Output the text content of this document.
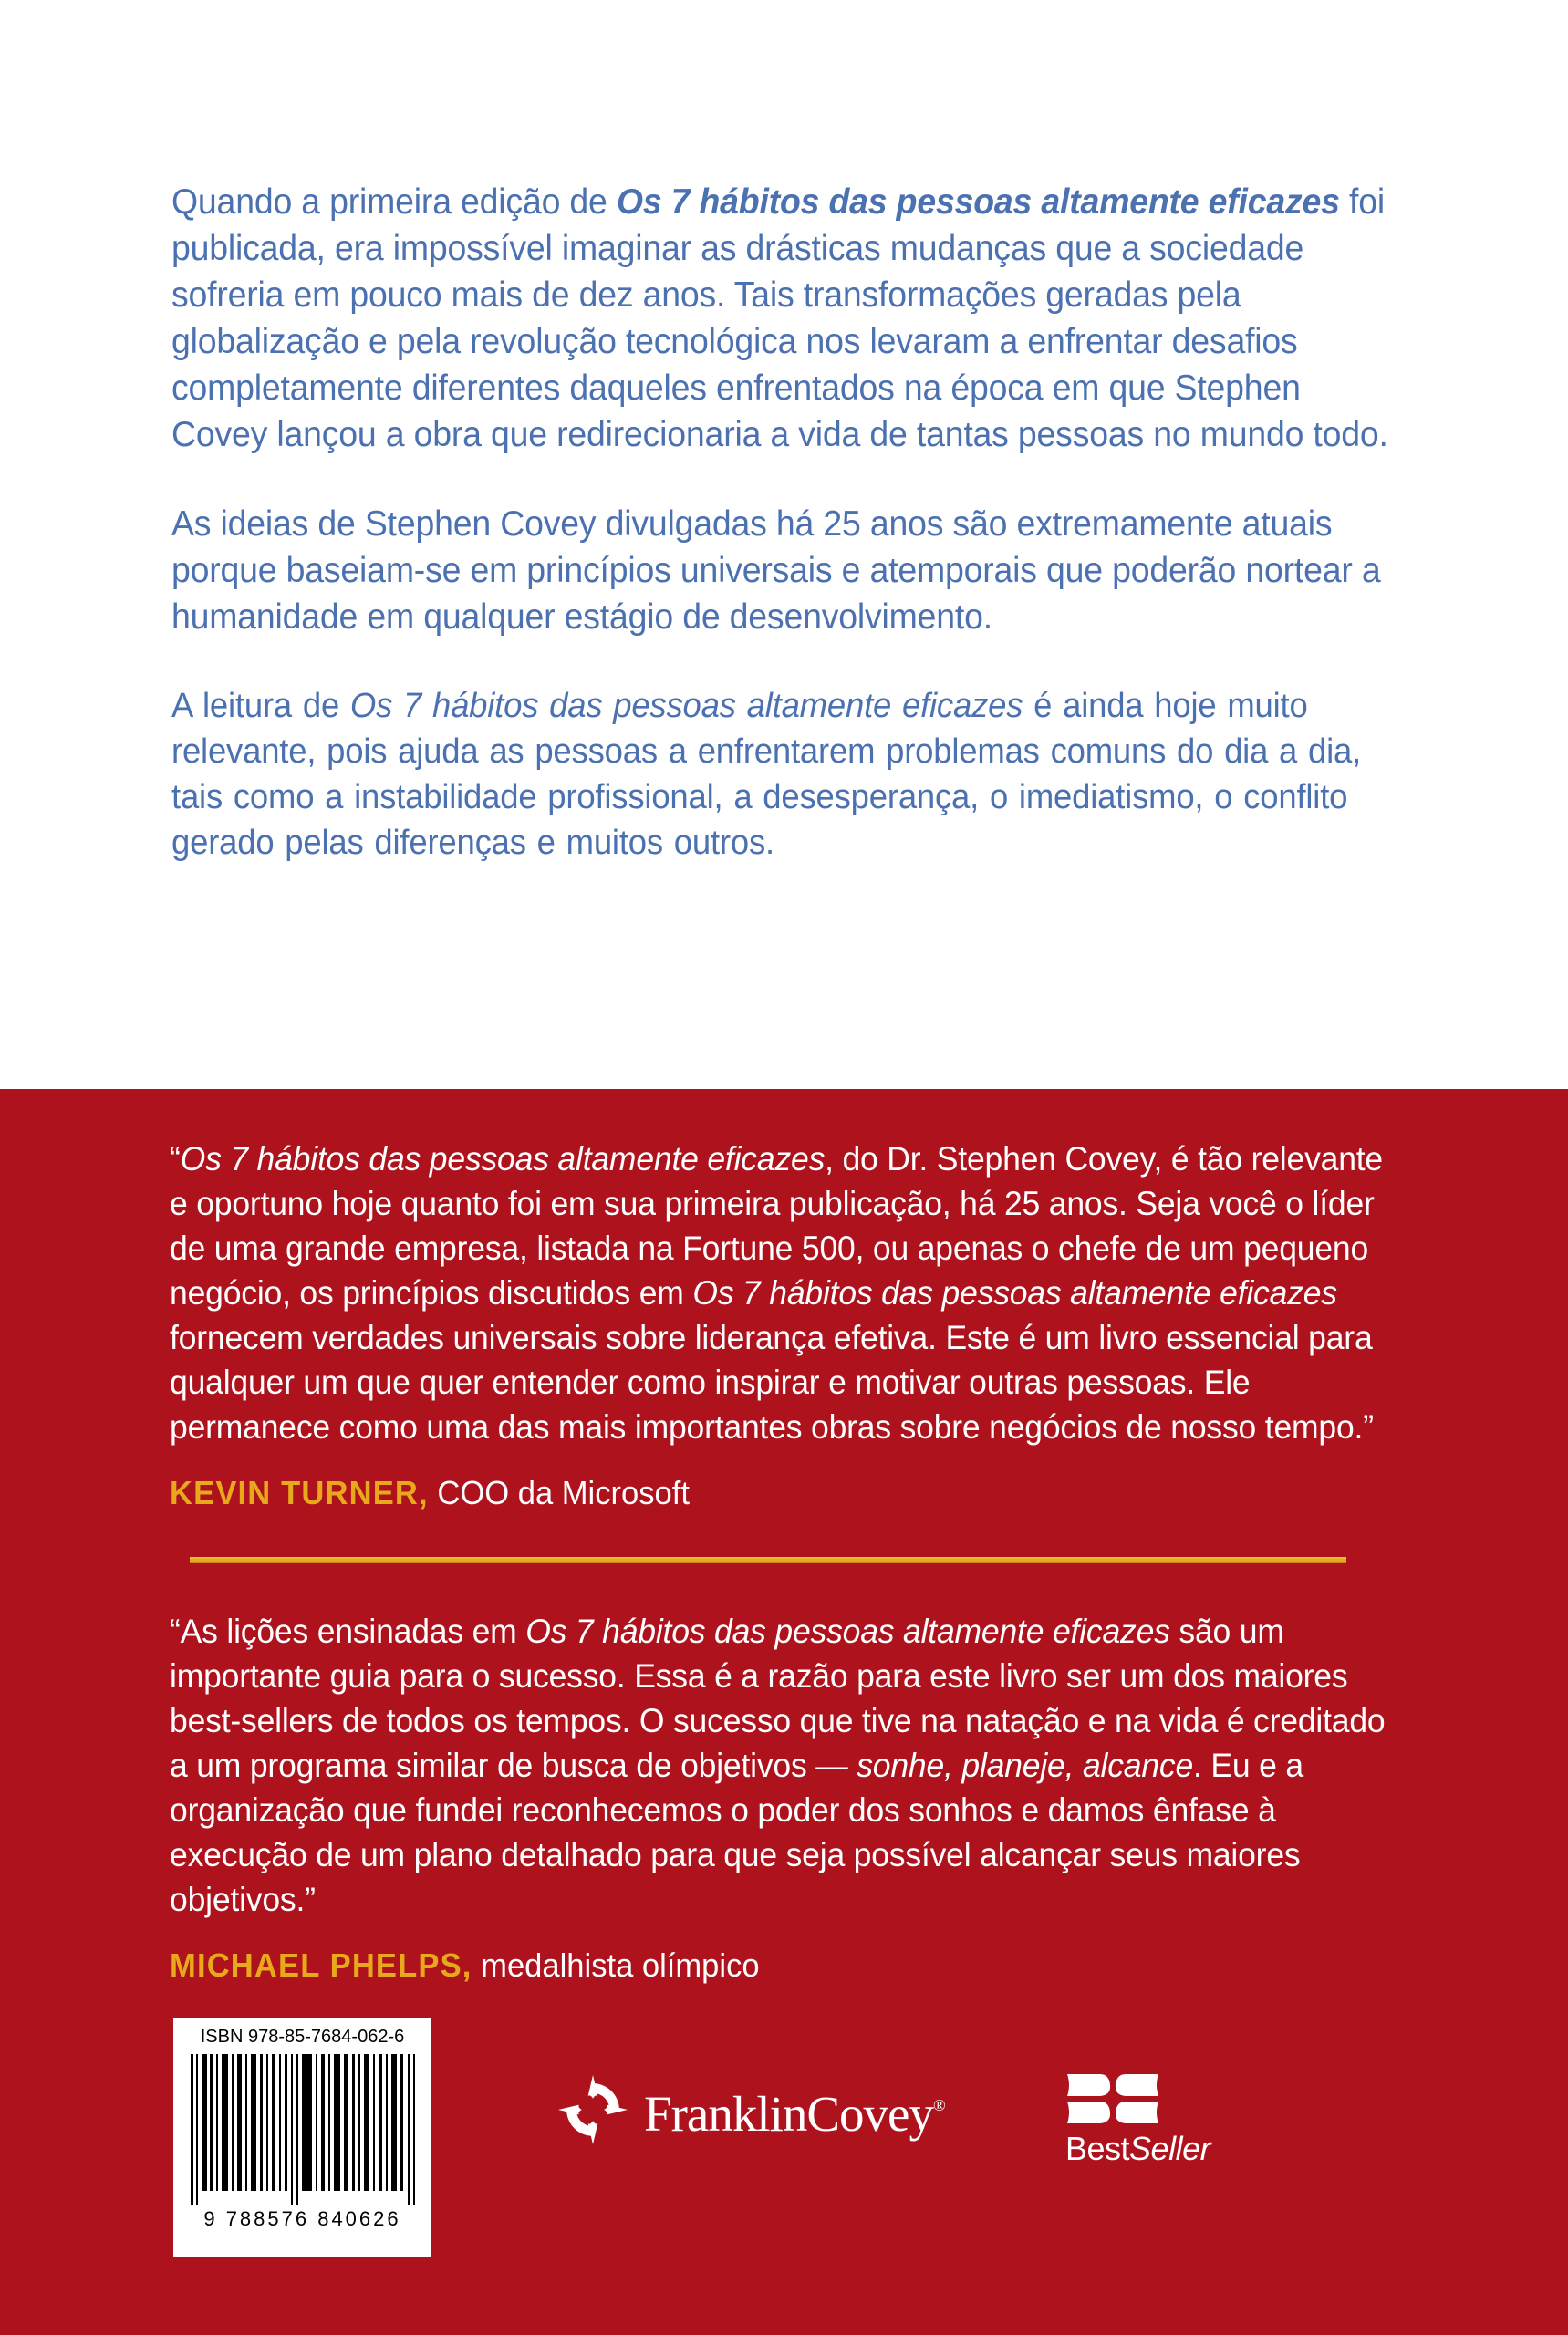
Quando a primeira edição de Os 7 hábitos das pessoas altamente eficazes foi publicada, era impossível imaginar as drásticas mudanças que a sociedade sofreria em pouco mais de dez anos. Tais transformações geradas pela globalização e pela revolução tecnológica nos levaram a enfrentar desafios completamente diferentes daqueles enfrentados na época em que Stephen Covey lançou a obra que redirecionaria a vida de tantas pessoas no mundo todo.

As ideias de Stephen Covey divulgadas há 25 anos são extremamente atuais porque baseiam-se em princípios universais e atemporais que poderão nortear a humanidade em qualquer estágio de desenvolvimento.

A leitura de Os 7 hábitos das pessoas altamente eficazes é ainda hoje muito relevante, pois ajuda as pessoas a enfrentarem problemas comuns do dia a dia, tais como a instabilidade profissional, a desesperança, o imediatismo, o conflito gerado pelas diferenças e muitos outros.

“Os 7 hábitos das pessoas altamente eficazes, do Dr. Stephen Covey, é tão relevante e oportuno hoje quanto foi em sua primeira publicação, há 25 anos. Seja você o líder de uma grande empresa, listada na Fortune 500, ou apenas o chefe de um pequeno negócio, os princípios discutidos em Os 7 hábitos das pessoas altamente eficazes fornecem verdades universais sobre liderança efetiva. Este é um livro essencial para qualquer um que quer entender como inspirar e motivar outras pessoas. Ele permanece como uma das mais importantes obras sobre negócios de nosso tempo.”

KEVIN TURNER, COO da Microsoft

“As lições ensinadas em Os 7 hábitos das pessoas altamente eficazes são um importante guia para o sucesso. Essa é a razão para este livro ser um dos maiores best-sellers de todos os tempos. O sucesso que tive na natação e na vida é creditado a um programa similar de busca de objetivos — sonhe, planeje, alcance. Eu e a organização que fundei reconhecemos o poder dos sonhos e damos ênfase à execução de um plano detalhado para que seja possível alcançar seus maiores objetivos.”

MICHAEL PHELPS, medalhista olímpico

ISBN 978-85-7684-062-6
9 788576 840626
FranklinCovey®
BestSeller
